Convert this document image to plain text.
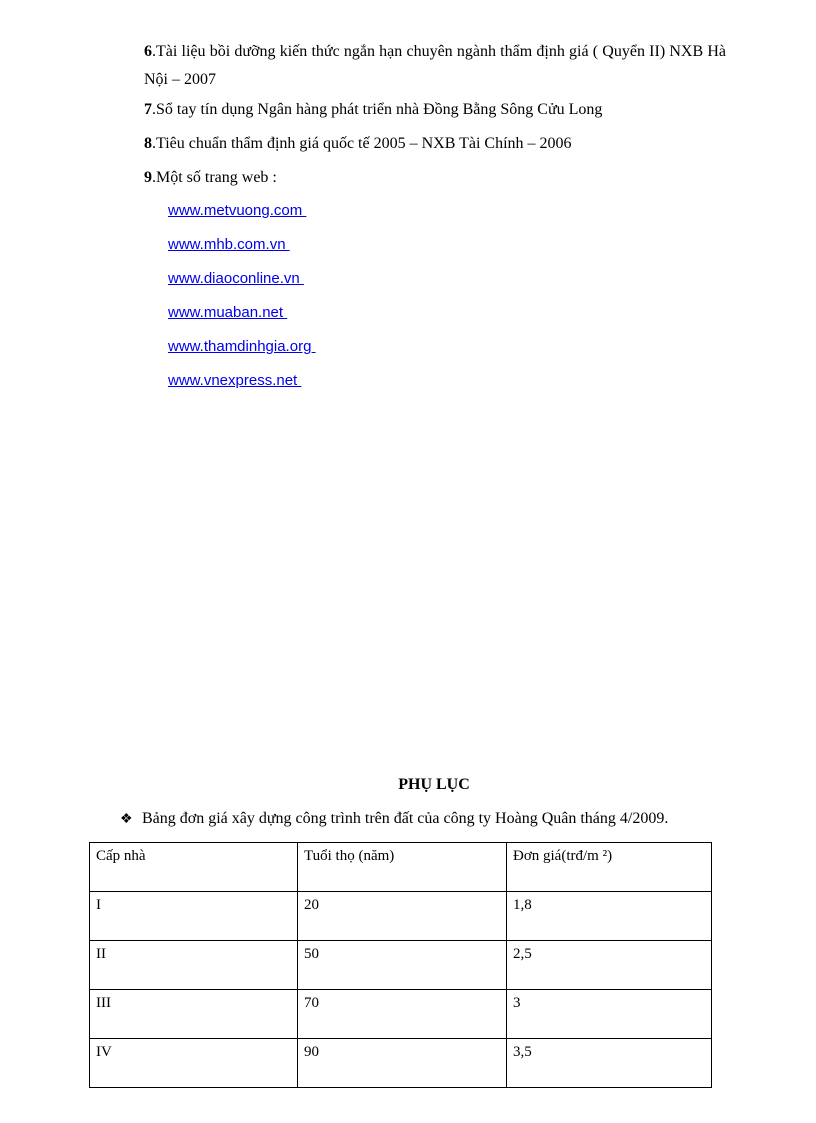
6.Tài liệu bồi dưỡng kiến thức ngắn hạn chuyên ngành thẩm định giá ( Quyển II) NXB Hà Nội – 2007
7.Sổ tay tín dụng Ngân hàng phát triển nhà Đồng Bằng Sông Cửu Long
8.Tiêu chuẩn thẩm định giá quốc tế 2005 – NXB Tài Chính – 2006
9.Một số trang web :
www.metvuong.com
www.mhb.com.vn
www.diaoconline.vn
www.muaban.net
www.thamdinhgia.org
www.vnexpress.net
PHỤ LỤC
❖ Bảng đơn giá xây dựng công trình trên đất của công ty Hoàng Quân tháng 4/2009.
Cấp nhà	Tuổi thọ (năm)	Đơn giá(trđ/m ²)
I	20	1,8
II	50	2,5
III	70	3
IV	90	3,5
